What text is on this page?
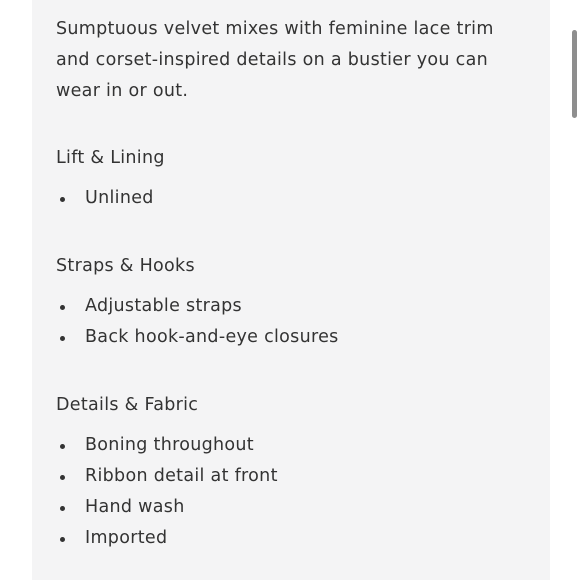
Sumptuous velvet mixes with feminine lace trim and corset-inspired details on a bustier you can wear in or out.

Lift & Lining
Unlined
Straps & Hooks
Adjustable straps
Back hook-and-eye closures
Details & Fabric
Boning throughout
Ribbon detail at front
Hand wash
Imported
